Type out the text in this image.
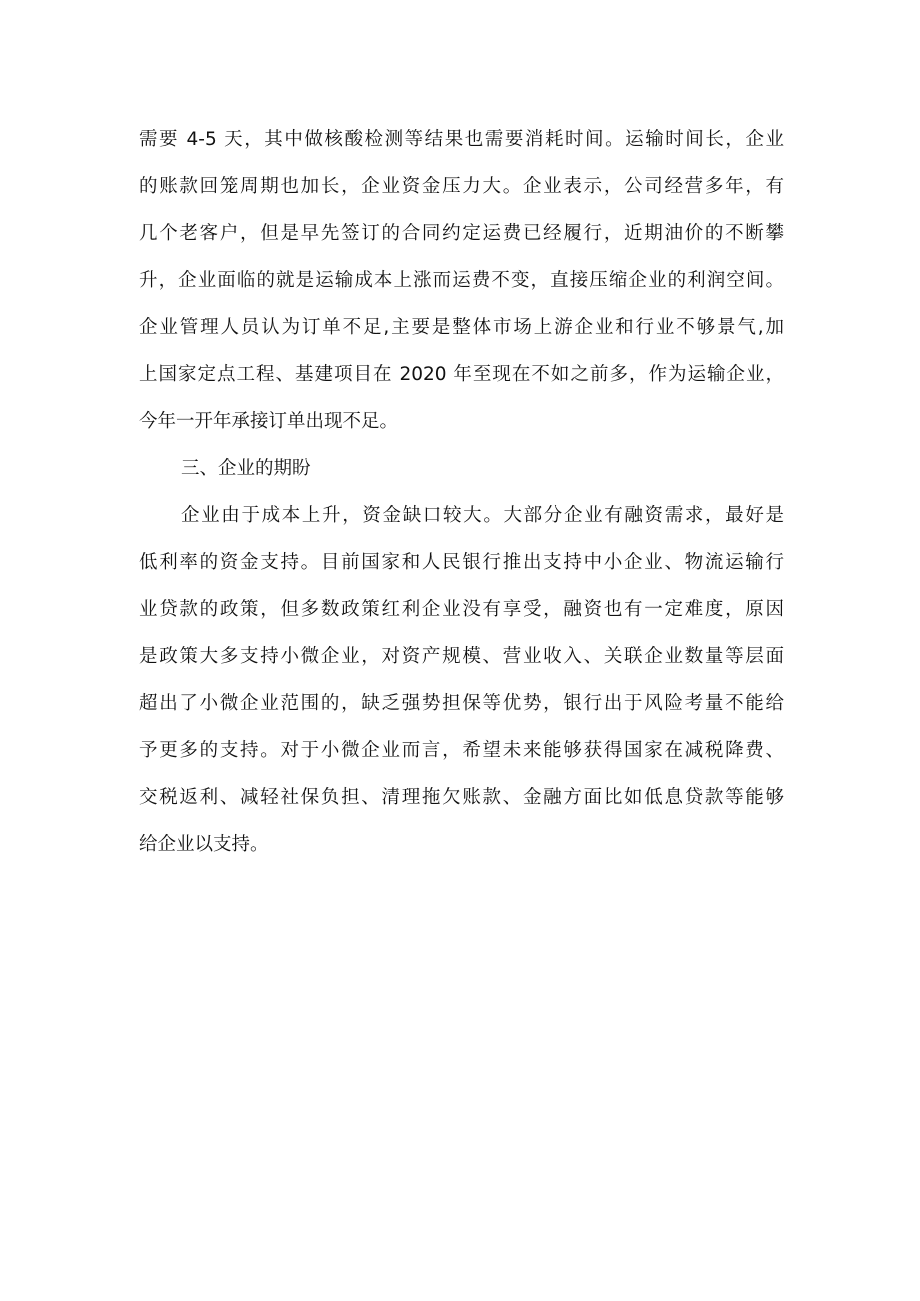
需要 4-5 天，其中做核酸检测等结果也需要消耗时间。运输时间长，企业
的账款回笼周期也加长，企业资金压力大。企业表示，公司经营多年，有
几个老客户，但是早先签订的合同约定运费已经履行，近期油价的不断攀
升，企业面临的就是运输成本上涨而运费不变，直接压缩企业的利润空间。
企业管理人员认为订单不足,主要是整体市场上游企业和行业不够景气,加
上国家定点工程、基建项目在 2020 年至现在不如之前多，作为运输企业，
今年一开年承接订单出现不足。
三、企业的期盼
企业由于成本上升，资金缺口较大。大部分企业有融资需求，最好是
低利率的资金支持。目前国家和人民银行推出支持中小企业、物流运输行
业贷款的政策，但多数政策红利企业没有享受，融资也有一定难度，原因
是政策大多支持小微企业，对资产规模、营业收入、关联企业数量等层面
超出了小微企业范围的，缺乏强势担保等优势，银行出于风险考量不能给
予更多的支持。对于小微企业而言，希望未来能够获得国家在减税降费、
交税返利、减轻社保负担、清理拖欠账款、金融方面比如低息贷款等能够
给企业以支持。
